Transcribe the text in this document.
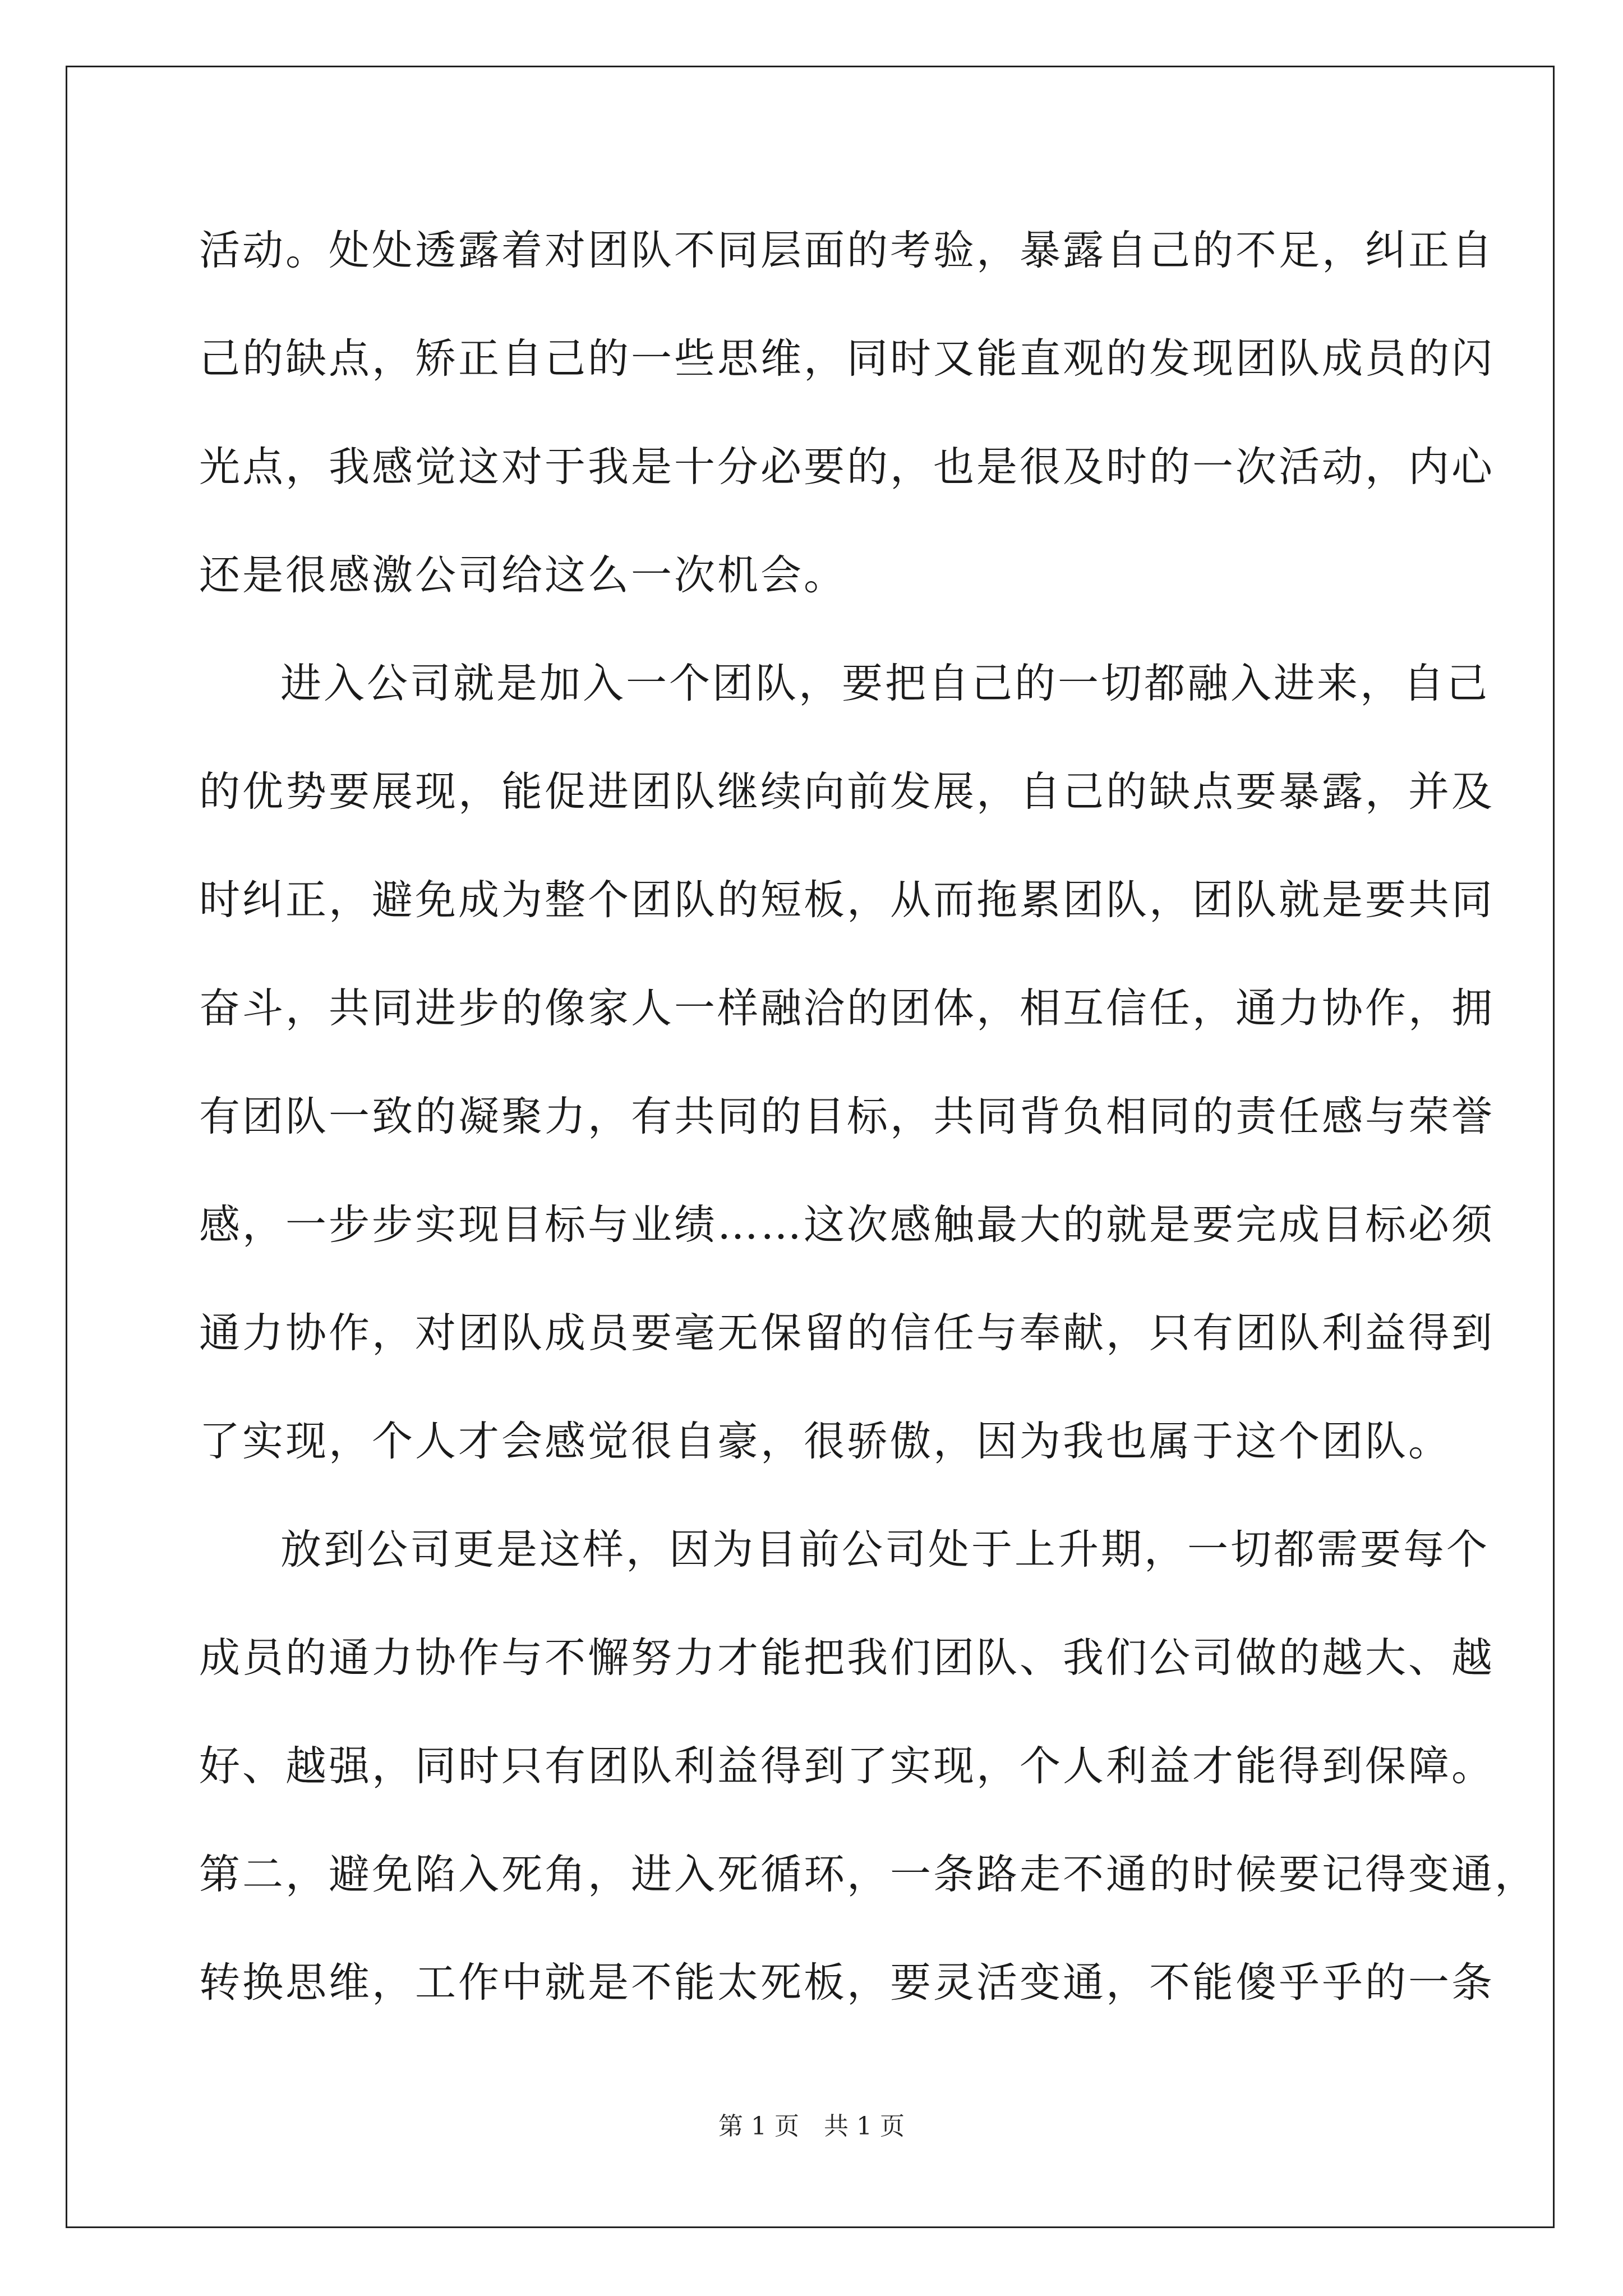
活动。处处透露着对团队不同层面的考验，暴露自己的不足，纠正自
己的缺点，矫正自己的一些思维，同时又能直观的发现团队成员的闪
光点，我感觉这对于我是十分必要的，也是很及时的一次活动，内心
还是很感激公司给这么一次机会。
进入公司就是加入一个团队，要把自己的一切都融入进来，自己
的优势要展现，能促进团队继续向前发展，自己的缺点要暴露，并及
时纠正，避免成为整个团队的短板，从而拖累团队，团队就是要共同
奋斗，共同进步的像家人一样融洽的团体，相互信任，通力协作，拥
有团队一致的凝聚力，有共同的目标，共同背负相同的责任感与荣誉
感，一步步实现目标与业绩……这次感触最大的就是要完成目标必须
通力协作，对团队成员要毫无保留的信任与奉献，只有团队利益得到
了实现，个人才会感觉很自豪，很骄傲，因为我也属于这个团队。
放到公司更是这样，因为目前公司处于上升期，一切都需要每个
成员的通力协作与不懈努力才能把我们团队、我们公司做的越大、越
好、越强，同时只有团队利益得到了实现，个人利益才能得到保障。
第二，避免陷入死角，进入死循环，一条路走不通的时候要记得变通，
转换思维，工作中就是不能太死板，要灵活变通，不能傻乎乎的一条
第 1 页　共 1 页
